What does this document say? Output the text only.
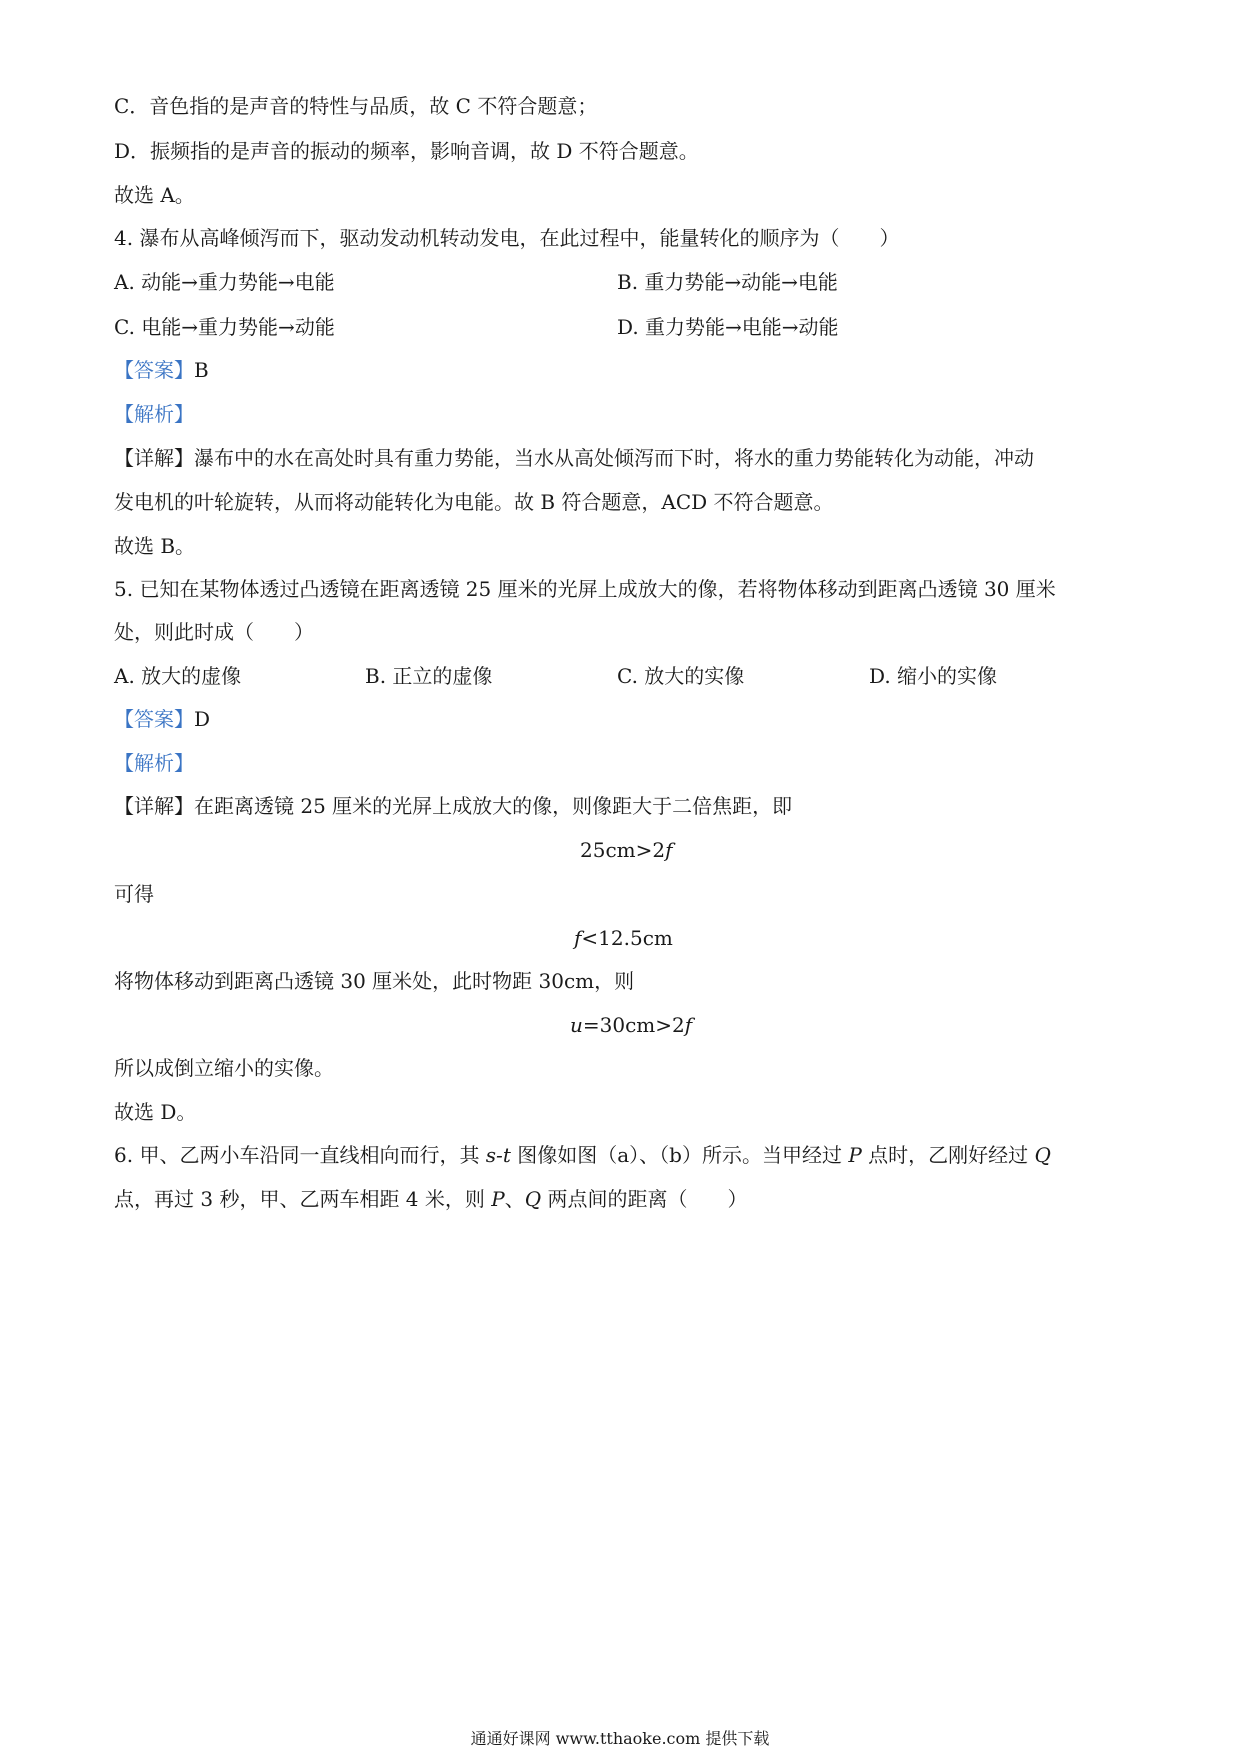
C．音色指的是声音的特性与品质，故 C 不符合题意；
D．振频指的是声音的振动的频率，影响音调，故 D 不符合题意。
故选 A。
4. 瀑布从高峰倾泻而下，驱动发动机转动发电，在此过程中，能量转化的顺序为（　　）
A. 动能→重力势能→电能	B. 重力势能→动能→电能
C. 电能→重力势能→动能	D. 重力势能→电能→动能
【答案】B
【解析】
【详解】瀑布中的水在高处时具有重力势能，当水从高处倾泻而下时，将水的重力势能转化为动能，冲动
发电机的叶轮旋转，从而将动能转化为电能。故 B 符合题意，ACD 不符合题意。
故选 B。
5. 已知在某物体透过凸透镜在距离透镜 25 厘米的光屏上成放大的像，若将物体移动到距离凸透镜 30 厘米
处，则此时成（　　）
A. 放大的虚像	B. 正立的虚像	C. 放大的实像	D. 缩小的实像
【答案】D
【解析】
【详解】在距离透镜 25 厘米的光屏上成放大的像，则像距大于二倍焦距，即
25cm>2f
可得
f<12.5cm
将物体移动到距离凸透镜 30 厘米处，此时物距 30cm，则
u=30cm>2f
所以成倒立缩小的实像。
故选 D。
6. 甲、乙两小车沿同一直线相向而行，其 s-t 图像如图（a）、（b）所示。当甲经过 P 点时，乙刚好经过 Q
点，再过 3 秒，甲、乙两车相距 4 米，则 P、Q 两点间的距离（　　）
通通好课网 www.tthaoke.com 提供下载
